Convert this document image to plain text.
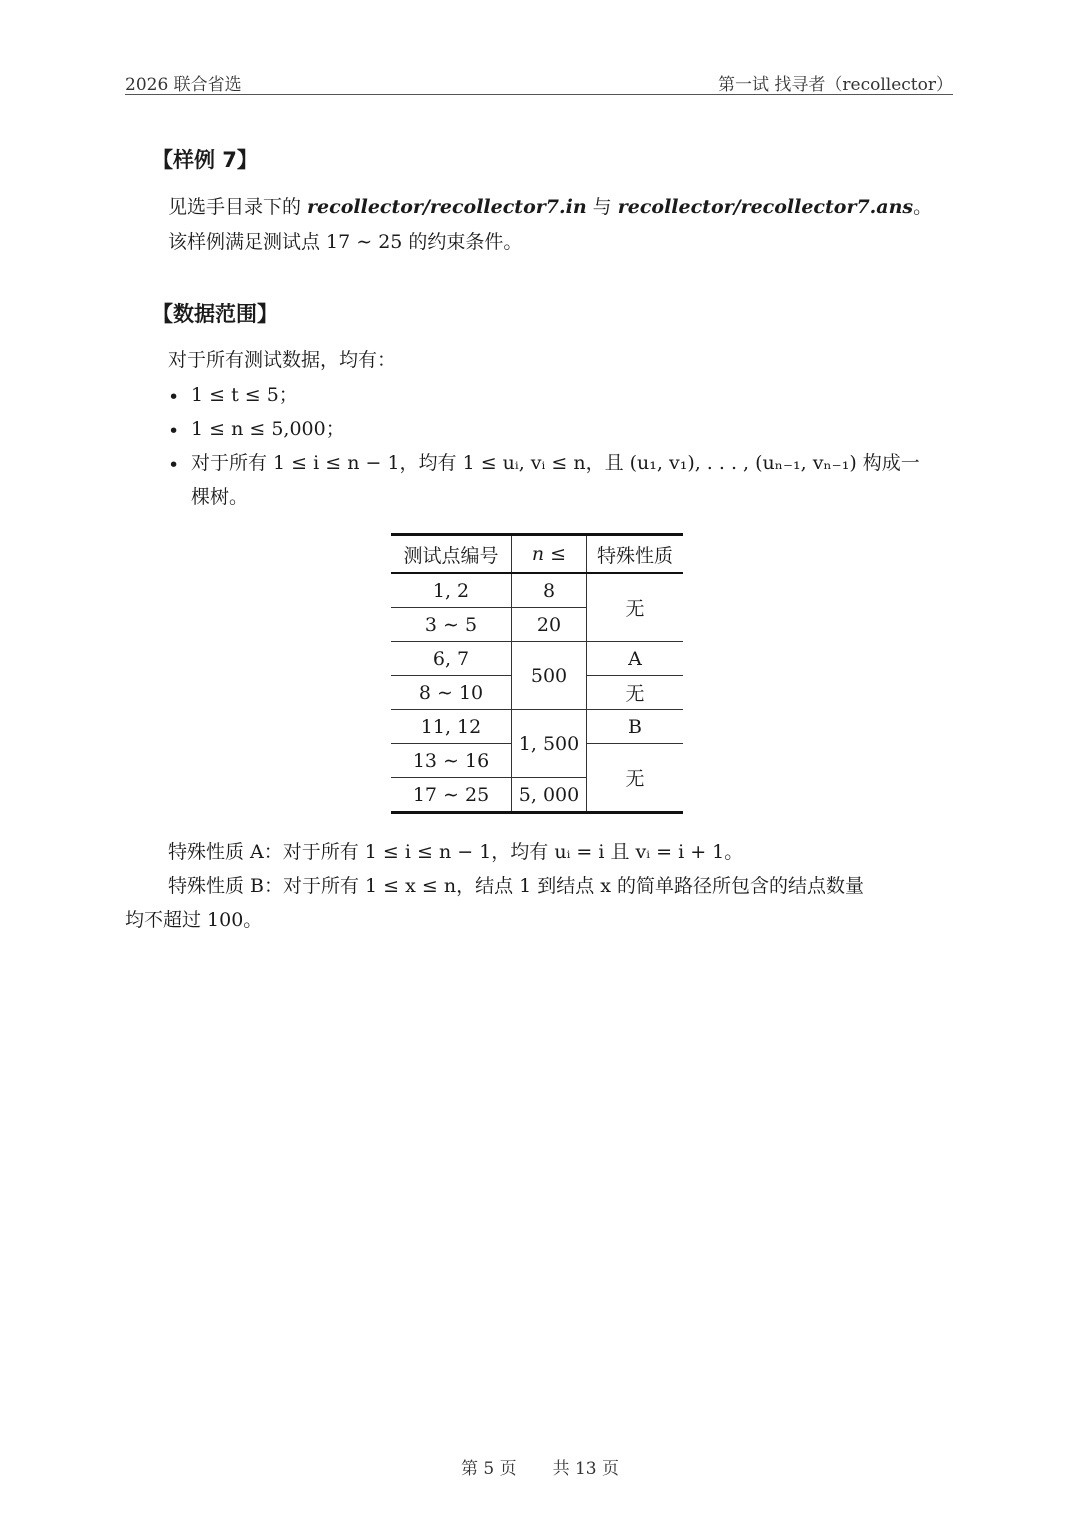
2026 联合省选	第一试 找寻者（recollector）
【样例 7】
见选手目录下的 recollector/recollector7.in 与 recollector/recollector7.ans。
该样例满足测试点 17 ∼ 25 的约束条件。
【数据范围】
对于所有测试数据，均有：
• 1 ≤ t ≤ 5；
• 1 ≤ n ≤ 5,000；
• 对于所有 1 ≤ i ≤ n − 1，均有 1 ≤ uᵢ, vᵢ ≤ n，且 (u₁, v₁), . . . , (uₙ₋₁, vₙ₋₁) 构成一
棵树。
测试点编号	n ≤	特殊性质
1, 2	8	无
3 ∼ 5	20	
6, 7	500	A
8 ∼ 10		无
11, 12	1, 500	B
13 ∼ 16		无
17 ∼ 25	5, 000	
特殊性质 A：对于所有 1 ≤ i ≤ n − 1，均有 uᵢ = i 且 vᵢ = i + 1。
特殊性质 B：对于所有 1 ≤ x ≤ n，结点 1 到结点 x 的简单路径所包含的结点数量
均不超过 100。
第 5 页 共 13 页
